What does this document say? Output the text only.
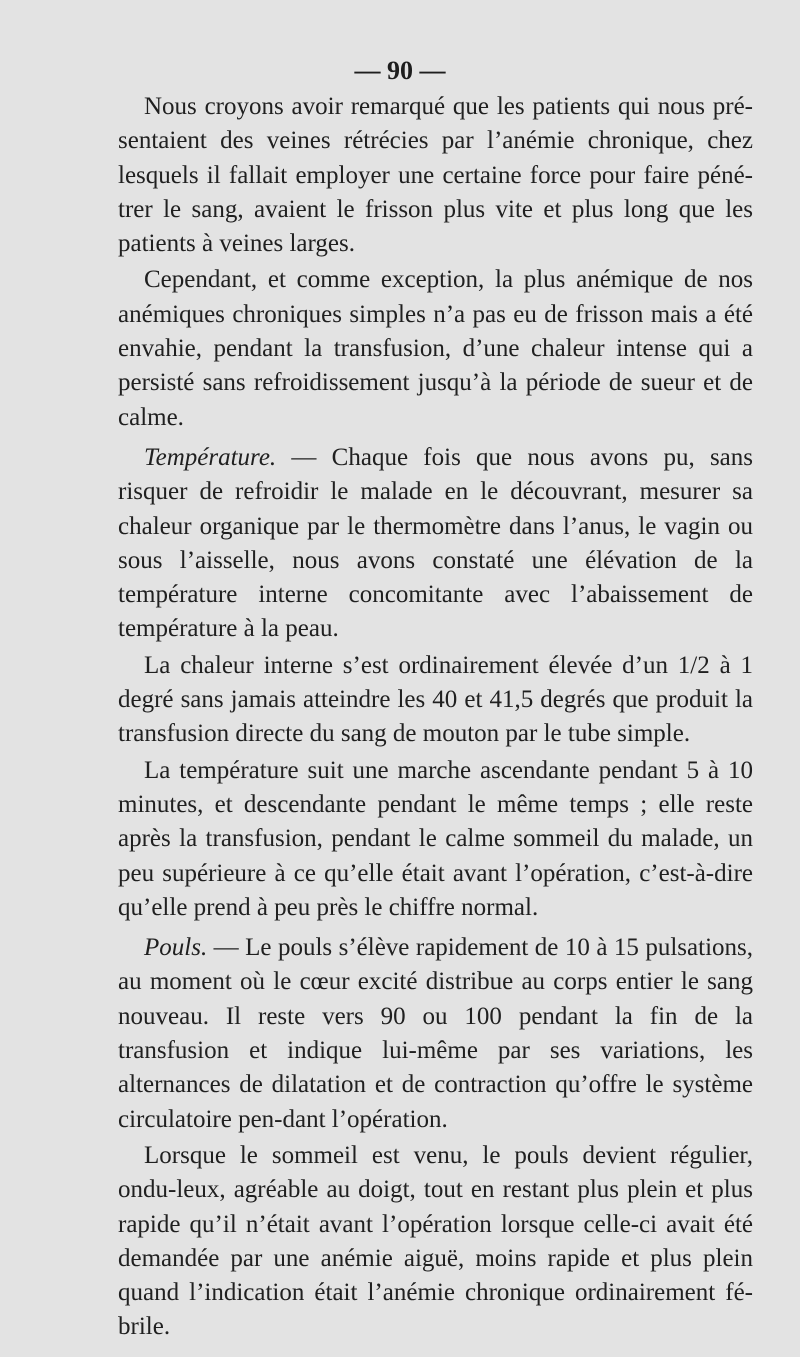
— 90 —

Nous croyons avoir remarqué que les patients qui nous pré-sentaient des veines rétrécies par l’anémie chronique, chez lesquels il fallait employer une certaine force pour faire péné-trer le sang, avaient le frisson plus vite et plus long que les patients à veines larges.

Cependant, et comme exception, la plus anémique de nos anémiques chroniques simples n’a pas eu de frisson mais a été envahie, pendant la transfusion, d’une chaleur intense qui a persisté sans refroidissement jusqu’à la période de sueur et de calme.

Température. — Chaque fois que nous avons pu, sans risquer de refroidir le malade en le découvrant, mesurer sa chaleur organique par le thermomètre dans l’anus, le vagin ou sous l’aisselle, nous avons constaté une élévation de la température interne concomitante avec l’abaissement de température à la peau.

La chaleur interne s’est ordinairement élevée d’un 1/2 à 1 degré sans jamais atteindre les 40 et 41,5 degrés que produit la transfusion directe du sang de mouton par le tube simple.

La température suit une marche ascendante pendant 5 à 10 minutes, et descendante pendant le même temps ; elle reste après la transfusion, pendant le calme sommeil du malade, un peu supérieure à ce qu’elle était avant l’opération, c’est-à-dire qu’elle prend à peu près le chiffre normal.

Pouls. — Le pouls s’élève rapidement de 10 à 15 pulsations, au moment où le cœur excité distribue au corps entier le sang nouveau. Il reste vers 90 ou 100 pendant la fin de la transfusion et indique lui-même par ses variations, les alternances de dilatation et de contraction qu’offre le système circulatoire pen-dant l’opération.

Lorsque le sommeil est venu, le pouls devient régulier, ondu-leux, agréable au doigt, tout en restant plus plein et plus rapide qu’il n’était avant l’opération lorsque celle-ci avait été demandée par une anémie aiguë, moins rapide et plus plein quand l’indication était l’anémie chronique ordinairement fé-brile.
